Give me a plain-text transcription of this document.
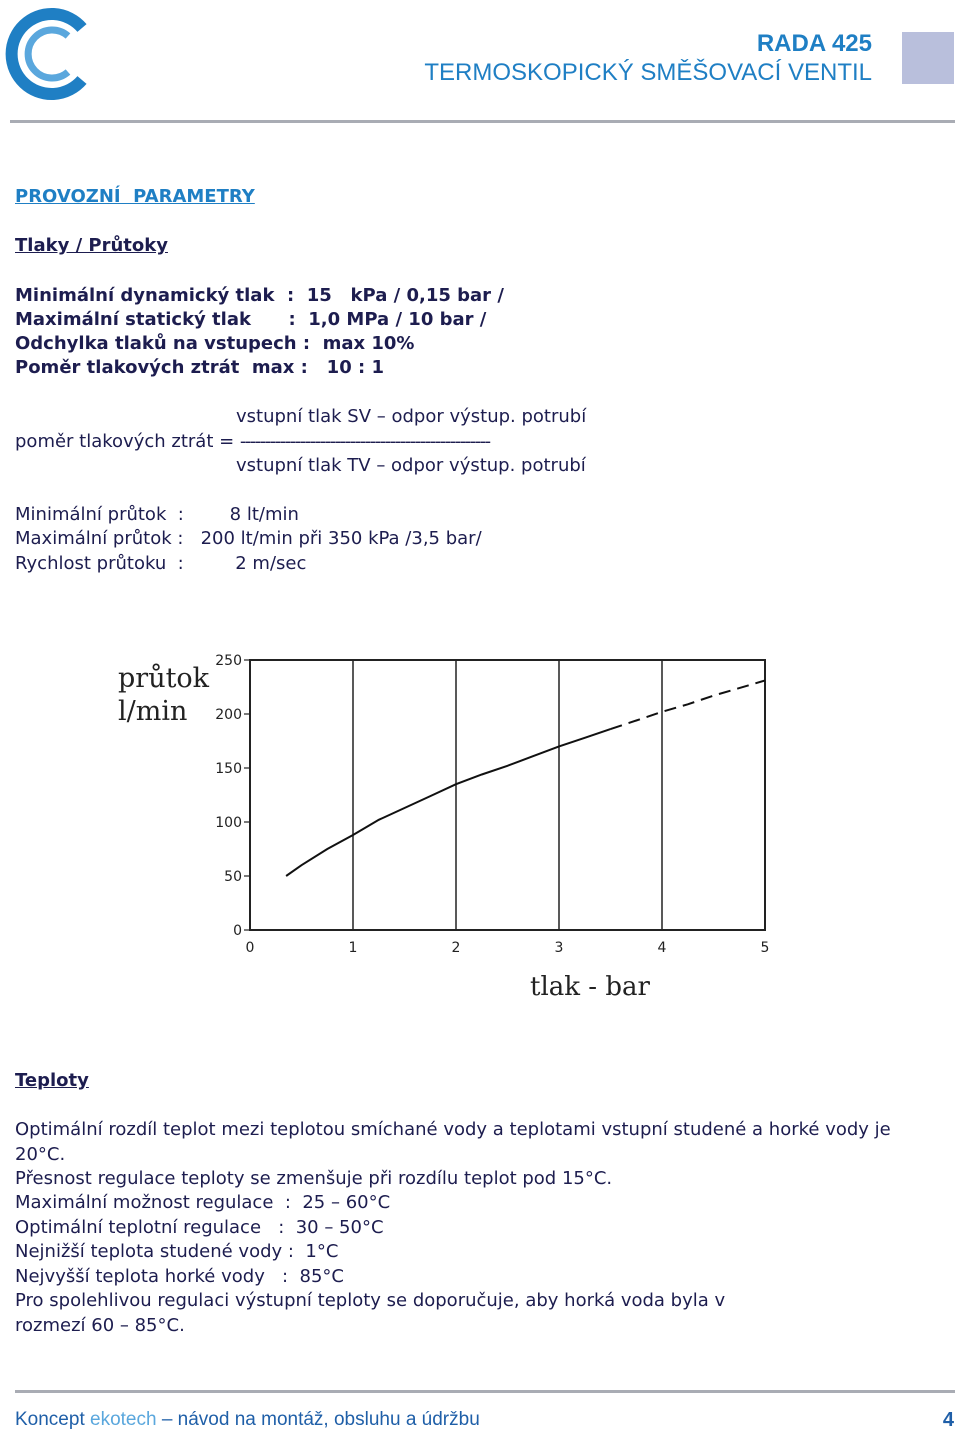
RADA 425
TERMOSKOPICKÝ SMĚŠOVACÍ VENTIL
PROVOZNÍ  PARAMETRY
Tlaky / Průtoky
Minimální dynamický tlak  :  15   kPa / 0,15 bar /
Maximální statický tlak      :  1,0 MPa / 10 bar /
Odchylka tlaků na vstupech :  max 10%
Poměr tlakových ztrát  max :   10 : 1
vstupní tlak SV – odpor výstup. potrubí
poměr tlakových ztrát = --------------------------------------------------
vstupní tlak TV – odpor výstup. potrubí
Minimální průtok  :        8 lt/min
Maximální průtok :   200 lt/min při 350 kPa /3,5 bar/
Rychlost průtoku  :         2 m/sec
průtok
l/min
0	1	2	3	4	5
0
50
100
150
200
250
tlak - bar
Teploty
Optimální rozdíl teplot mezi teplotou smíchané vody a teplotami vstupní studené a horké vody je 20°C.
Přesnost regulace teploty se zmenšuje při rozdílu teplot pod 15°C.
Maximální možnost regulace  :  25 – 60°C
Optimální teplotní regulace   :  30 – 50°C
Nejnižší teplota studené vody :  1°C
Nejvyšší teplota horké vody   :  85°C
Pro spolehlivou regulaci výstupní teploty se doporučuje, aby horká voda byla v rozmezí 60 – 85°C.
Koncept ekotech – návod na montáž, obsluhu a údržbu	4
